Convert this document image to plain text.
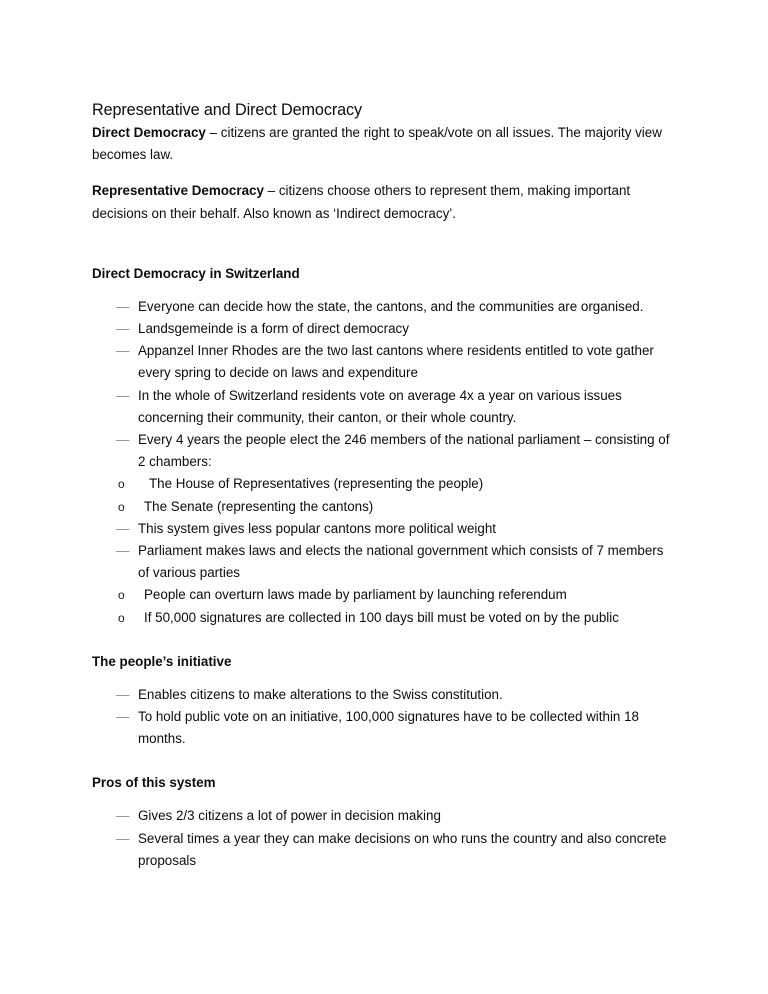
Representative and Direct Democracy

Direct Democracy – citizens are granted the right to speak/vote on all issues. The majority view becomes law.

Representative Democracy – citizens choose others to represent them, making important decisions on their behalf. Also known as ‘Indirect democracy’.

Direct Democracy in Switzerland
— Everyone can decide how the state, the cantons, and the communities are organised.
— Landsgemeinde is a form of direct democracy
— Appanzel Inner Rhodes are the two last cantons where residents entitled to vote gather every spring to decide on laws and expenditure
— In the whole of Switzerland residents vote on average 4x a year on various issues concerning their community, their canton, or their whole country.
— Every 4 years the people elect the 246 members of the national parliament – consisting of 2 chambers:
o The House of Representatives (representing the people)
o The Senate (representing the cantons)
— This system gives less popular cantons more political weight
— Parliament makes laws and elects the national government which consists of 7 members of various parties
o People can overturn laws made by parliament by launching referendum
o If 50,000 signatures are collected in 100 days bill must be voted on by the public
The people’s initiative
— Enables citizens to make alterations to the Swiss constitution.
— To hold public vote on an initiative, 100,000 signatures have to be collected within 18 months.
Pros of this system
— Gives 2/3 citizens a lot of power in decision making
— Several times a year they can make decisions on who runs the country and also concrete proposals
